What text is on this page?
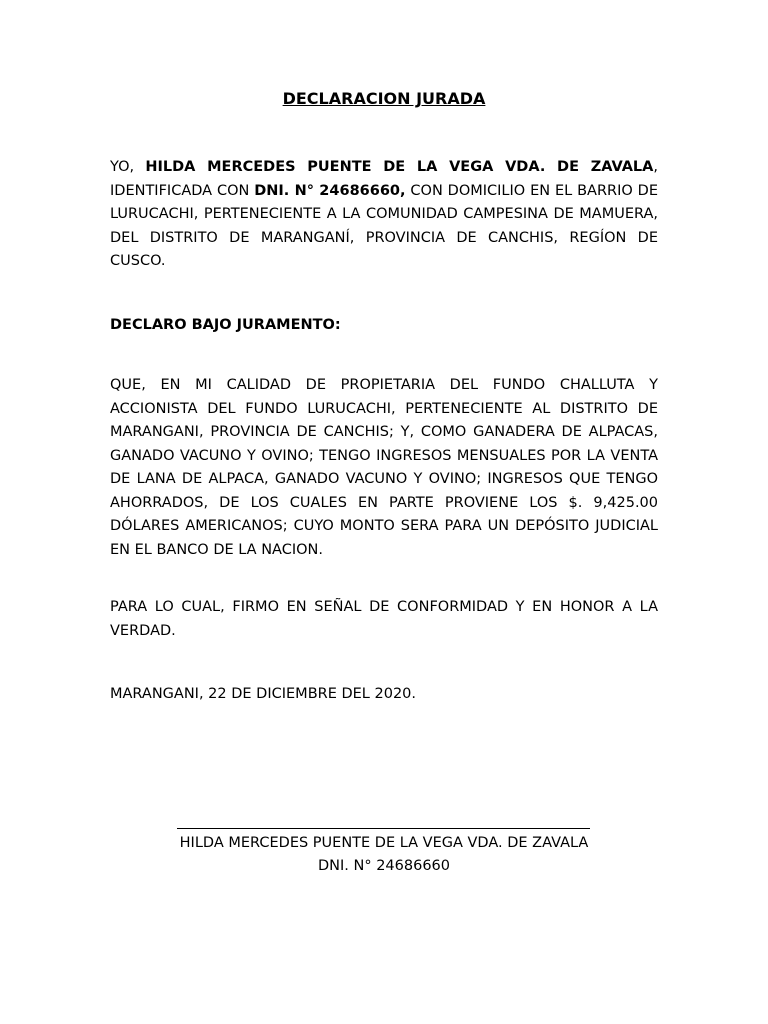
DECLARACION JURADA
YO, HILDA MERCEDES PUENTE DE LA VEGA VDA. DE ZAVALA, IDENTIFICADA CON DNI. N° 24686660, CON DOMICILIO EN EL BARRIO DE LURUCACHI, PERTENECIENTE A LA COMUNIDAD CAMPESINA DE MAMUERA, DEL DISTRITO DE MARANGANÍ, PROVINCIA DE CANCHIS, REGÍON DE CUSCO.
DECLARO BAJO JURAMENTO:
QUE, EN MI CALIDAD DE PROPIETARIA DEL FUNDO CHALLUTA Y ACCIONISTA DEL FUNDO LURUCACHI, PERTENECIENTE AL DISTRITO DE MARANGANI, PROVINCIA DE CANCHIS; Y, COMO GANADERA DE ALPACAS, GANADO VACUNO Y OVINO; TENGO INGRESOS MENSUALES POR LA VENTA DE LANA DE ALPACA, GANADO VACUNO Y OVINO; INGRESOS QUE TENGO AHORRADOS, DE LOS CUALES EN PARTE PROVIENE LOS $. 9,425.00 DÓLARES AMERICANOS; CUYO MONTO SERA PARA UN DEPÓSITO JUDICIAL EN EL BANCO DE LA NACION.
PARA LO CUAL, FIRMO EN SEÑAL DE CONFORMIDAD Y EN HONOR A LA VERDAD.
MARANGANI, 22 DE DICIEMBRE DEL 2020.
HILDA MERCEDES PUENTE DE LA VEGA VDA. DE ZAVALA
DNI. N° 24686660
